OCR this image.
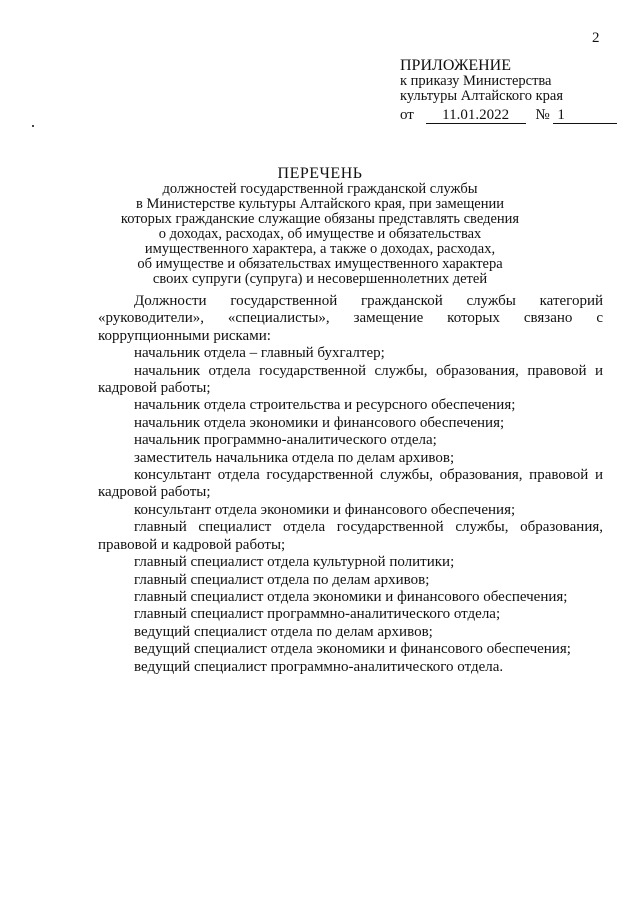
2
ПРИЛОЖЕНИЕ
к приказу Министерства
культуры Алтайского края
от 11.01.2022 № 1
ПЕРЕЧЕНЬ
должностей государственной гражданской службы
в Министерстве культуры Алтайского края, при замещении
которых гражданские служащие обязаны представлять сведения
о доходах, расходах, об имуществе и обязательствах
имущественного характера, а также о доходах, расходах,
об имуществе и обязательствах имущественного характера
своих супруги (супруга) и несовершеннолетних детей
Должности государственной гражданской службы категорий
«руководители», «специалисты», замещение которых связано с
коррупционными рисками:
начальник отдела – главный бухгалтер;
начальник отдела государственной службы, образования, правовой и
кадровой работы;
начальник отдела строительства и ресурсного обеспечения;
начальник отдела экономики и финансового обеспечения;
начальник программно-аналитического отдела;
заместитель начальника отдела по делам архивов;
консультант отдела государственной службы, образования, правовой и
кадровой работы;
консультант отдела экономики и финансового обеспечения;
главный специалист отдела государственной службы, образования,
правовой и кадровой работы;
главный специалист отдела культурной политики;
главный специалист отдела по делам архивов;
главный специалист отдела экономики и финансового обеспечения;
главный специалист программно-аналитического отдела;
ведущий специалист отдела по делам архивов;
ведущий специалист отдела экономики и финансового обеспечения;
ведущий специалист программно-аналитического отдела.
